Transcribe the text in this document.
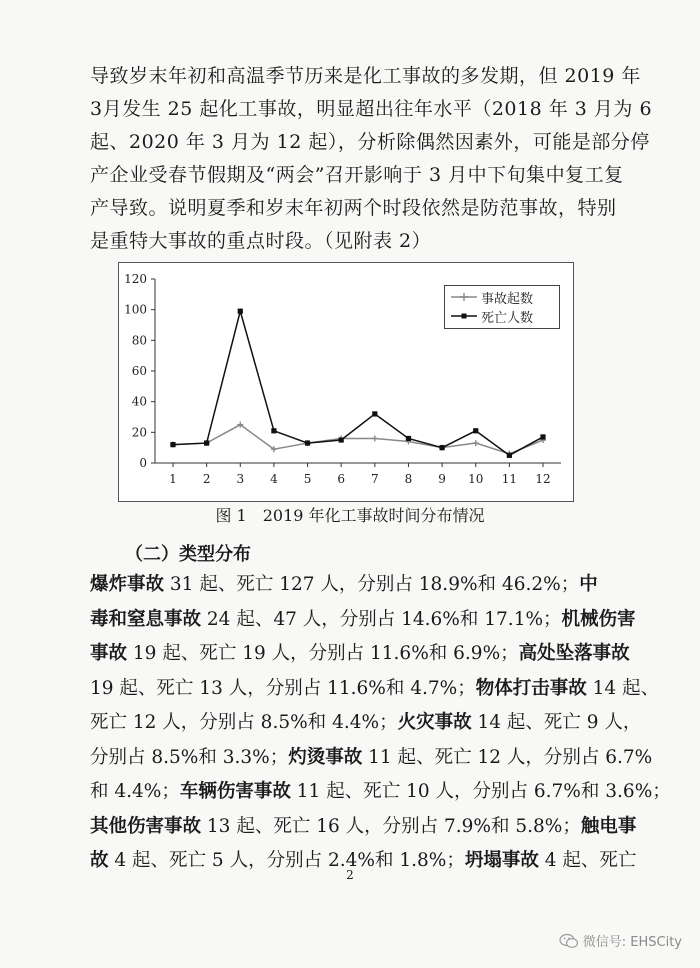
导致岁末年初和高温季节历来是化工事故的多发期，但 2019 年
3月发生 25 起化工事故，明显超出往年水平（2018 年 3 月为 6
起、2020 年 3 月为 12 起），分析除偶然因素外，可能是部分停
产企业受春节假期及“两会”召开影响于 3 月中下旬集中复工复
产导致。说明夏季和岁末年初两个时段依然是防范事故，特别
是重特大事故的重点时段。（见附表 2）
0
20
40
60
80
100
120
1 2 3 4 5 6 7 8 9 10 11 12
事故起数
死亡人数
图 1　2019 年化工事故时间分布情况
（二）类型分布
爆炸事故 31 起、死亡 127 人，分别占 18.9%和 46.2%；中
毒和窒息事故 24 起、47 人，分别占 14.6%和 17.1%；机械伤害
事故 19 起、死亡 19 人，分别占 11.6%和 6.9%；高处坠落事故
19 起、死亡 13 人，分别占 11.6%和 4.7%；物体打击事故 14 起、
死亡 12 人，分别占 8.5%和 4.4%；火灾事故 14 起、死亡 9 人，
分别占 8.5%和 3.3%；灼烫事故 11 起、死亡 12 人，分别占 6.7%
和 4.4%；车辆伤害事故 11 起、死亡 10 人，分别占 6.7%和 3.6%；
其他伤害事故 13 起、死亡 16 人，分别占 7.9%和 5.8%；触电事
故 4 起、死亡 5 人，分别占 2.4%和 1.8%；坍塌事故 4 起、死亡
2
微信号: EHSCity
